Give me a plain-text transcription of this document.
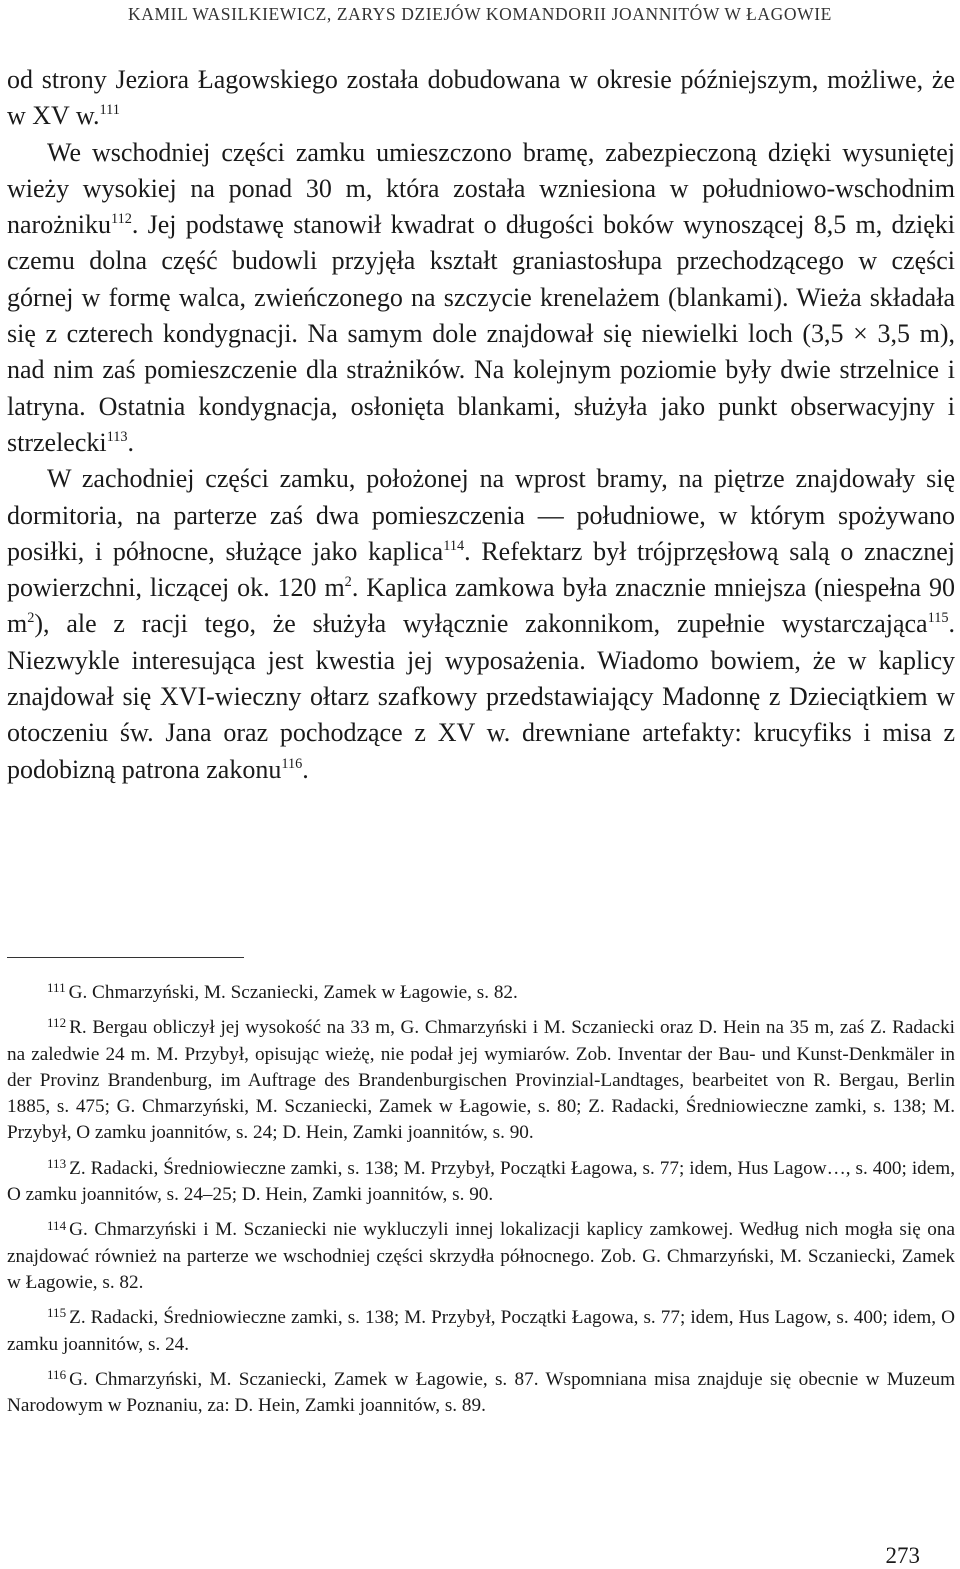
KAMIL WASILKIEWICZ, ZARYS DZIEJÓW KOMANDORII JOANNITÓW W ŁAGOWIE

od strony Jeziora Łagowskiego została dobudowana w okresie późniejszym, możliwe, że w XV w.$^{111}$

We wschodniej części zamku umieszczono bramę, zabezpieczoną dzięki wysuniętej wieży wysokiej na ponad 30 m, która została wzniesiona w południowo-wschodnim narożniku$^{112}$. Jej podstawę stanowił kwadrat o długości boków wynoszącej 8,5 m, dzięki czemu dolna część budowli przyjęła kształt graniastosłupa przechodzącego w części górnej w formę walca, zwieńczonego na szczycie krenelażem (blankami). Wieża składała się z czterech kondygnacji. Na samym dole znajdował się niewielki loch (3,5 × 3,5 m), nad nim zaś pomieszczenie dla strażników. Na kolejnym poziomie były dwie strzelnice i latryna. Ostatnia kondygnacja, osłonięta blankami, służyła jako punkt obserwacyjny i strzelecki$^{113}$.

W zachodniej części zamku, położonej na wprost bramy, na piętrze znajdowały się dormitoria, na parterze zaś dwa pomieszczenia — południowe, w którym spożywano posiłki, i północne, służące jako kaplica$^{114}$. Refektarz był trójprzęsłową salą o znacznej powierzchni, liczącej ok. 120 $m^2$. Kaplica zamkowa była znacznie mniejsza (niespełna 90 $m^2$), ale z racji tego, że służyła wyłącznie zakonnikom, zupełnie wystarczająca$^{115}$. Niezwykle interesująca jest kwestia jej wyposażenia. Wiadomo bowiem, że w kaplicy znajdował się XVI-wieczny ołtarz szafkowy przedstawiający Madonnę z Dzieciątkiem w otoczeniu św. Jana oraz pochodzące z XV w. drewniane artefakty: krucyfiks i misa z podobizną patrona zakonu$^{116}$.

$^{111}$ G. Chmarzyński, M. Sczaniecki, Zamek w Łagowie, s. 82.

$^{112}$ R. Bergau obliczył jej wysokość na 33 m, G. Chmarzyński i M. Sczaniecki oraz D. Hein na 35 m, zaś Z. Radacki na zaledwie 24 m. M. Przybył, opisując wieżę, nie podał jej wymiarów. Zob. Inventar der Bau- und Kunst-Denkmäler in der Provinz Brandenburg, im Auftrage des Brandenburgischen Provinzial-Landtages, bearbeitet von R. Bergau, Berlin 1885, s. 475; G. Chmarzyński, M. Sczaniecki, Zamek w Łagowie, s. 80; Z. Radacki, Średniowieczne zamki, s. 138; M. Przybył, O zamku joannitów, s. 24; D. Hein, Zamki joannitów, s. 90.

$^{113}$ Z. Radacki, Średniowieczne zamki, s. 138; M. Przybył, Początki Łagowa, s. 77; idem, Hus Lagow…, s. 400; idem, O zamku joannitów, s. 24–25; D. Hein, Zamki joannitów, s. 90.

$^{114}$ G. Chmarzyński i M. Sczaniecki nie wykluczyli innej lokalizacji kaplicy zamkowej. Według nich mogła się ona znajdować również na parterze we wschodniej części skrzydła północnego. Zob. G. Chmarzyński, M. Sczaniecki, Zamek w Łagowie, s. 82.

$^{115}$ Z. Radacki, Średniowieczne zamki, s. 138; M. Przybył, Początki Łagowa, s. 77; idem, Hus Lagow, s. 400; idem, O zamku joannitów, s. 24.

$^{116}$ G. Chmarzyński, M. Sczaniecki, Zamek w Łagowie, s. 87. Wspomniana misa znajduje się obecnie w Muzeum Narodowym w Poznaniu, za: D. Hein, Zamki joannitów, s. 89.

273
